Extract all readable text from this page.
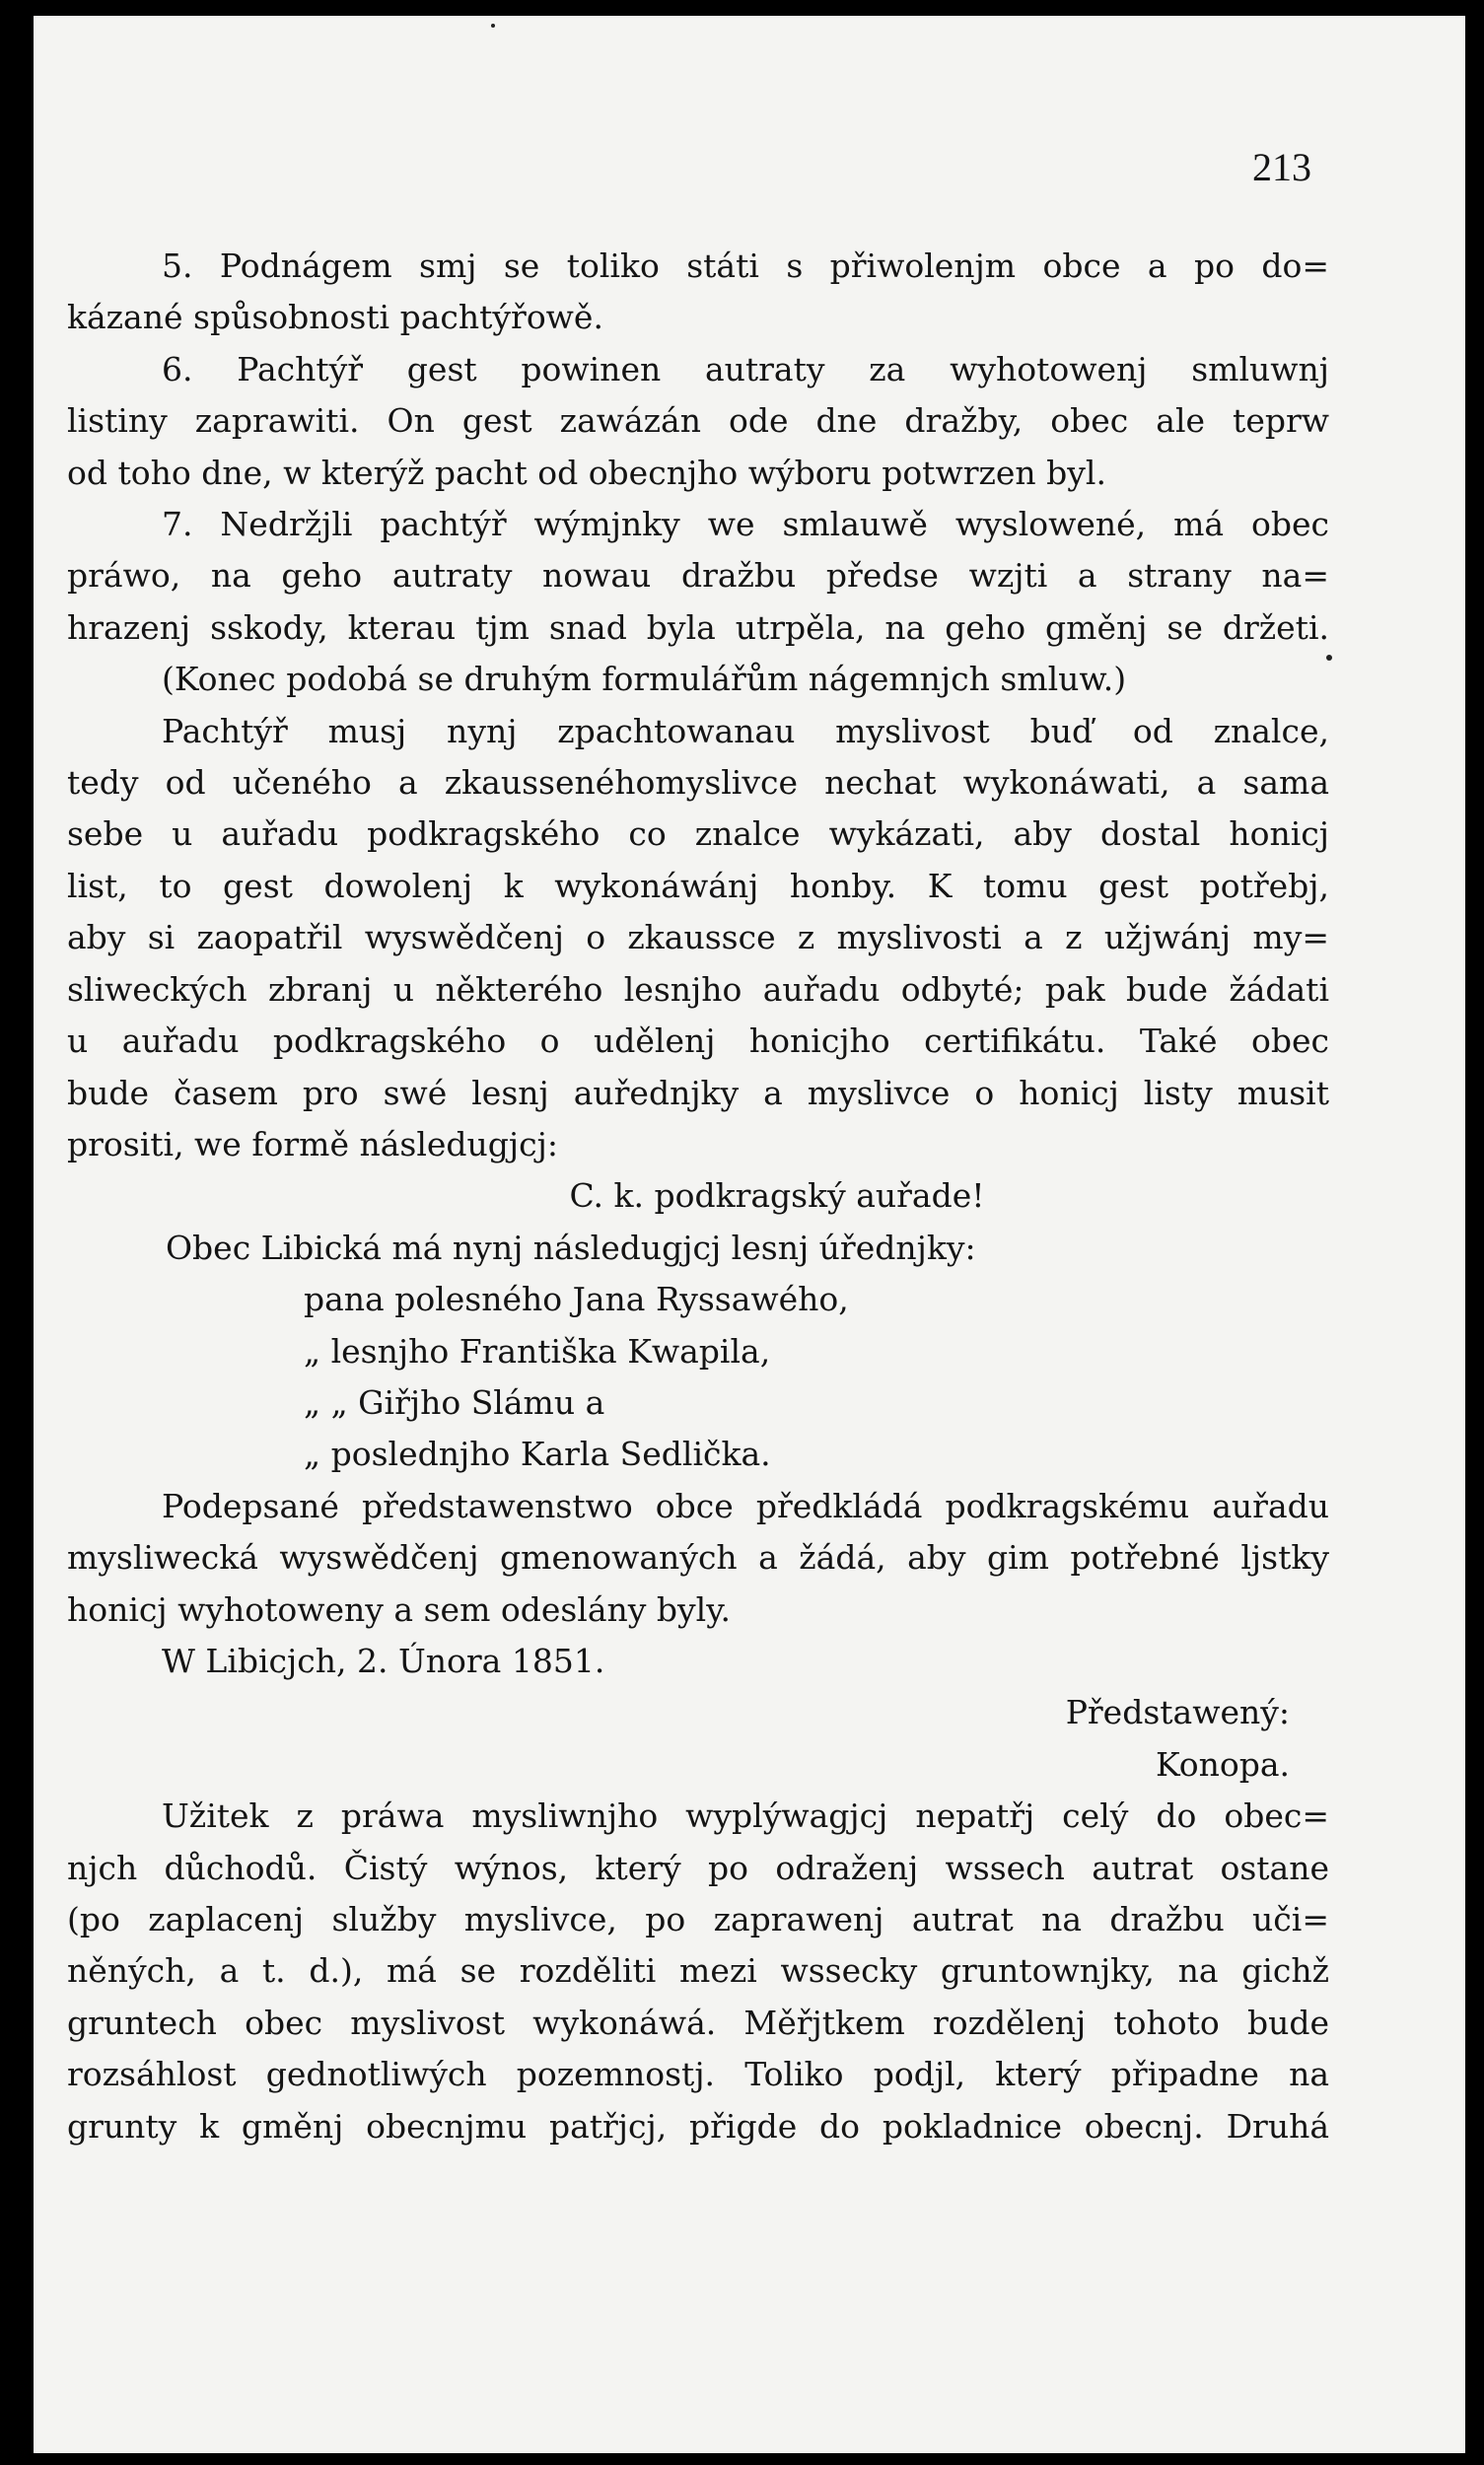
213
5. Podnágem smj se toliko státi s přiwolenjm obce a po do=
kázané spůsobnosti pachtýřowě.
6. Pachtýř gest powinen autraty za wyhotowenj smluwnj
listiny zaprawiti. On gest zawázán ode dne dražby, obec ale teprw
od toho dne, w kterýž pacht od obecnjho wýboru potwrzen byl.
7. Nedržjli pachtýř wýmjnky we smlauwě wyslowené, má obec
práwo, na geho autraty nowau dražbu předse wzjti a strany na=
hrazenj sskody, kterau tjm snad byla utrpěla, na geho gměnj se držeti.
(Konec podobá se druhým formulářům nágemnjch smluw.)
Pachtýř musj nynj zpachtowanau myslivost buď od znalce,
tedy od učeného a zkaussenéhomyslivce nechat wykonáwati, a sama
sebe u auřadu podkragského co znalce wykázati, aby dostal honicj
list, to gest dowolenj k wykonáwánj honby. K tomu gest potřebj,
aby si zaopatřil wyswědčenj o zkaussce z myslivosti a z užjwánj my=
sliweckých zbranj u některého lesnjho auřadu odbyté; pak bude žádati
u auřadu podkragského o udělenj honicjho certifikátu. Také obec
bude časem pro swé lesnj auřednjky a myslivce o honicj listy musit
prositi, we formě následugjcj:
C. k. podkragský auřade!
Obec Libická má nynj následugjcj lesnj úřednjky:
pana polesného Jana Ryssawého,
„ lesnjho Františka Kwapila,
„ „ Giřjho Slámu a
„ poslednjho Karla Sedlička.
Podepsané předstawenstwo obce předkládá podkragskému auřadu
mysliwecká wyswědčenj gmenowaných a žádá, aby gim potřebné ljstky
honicj wyhotoweny a sem odeslány byly.
W Libicjch, 2. Února 1851.
Předstawený:
Konopa.
Užitek z práwa mysliwnjho wyplýwagjcj nepatřj celý do obec=
njch důchodů. Čistý wýnos, který po odraženj wssech autrat ostane
(po zaplacenj služby myslivce, po zaprawenj autrat na dražbu uči=
něných, a t. d.), má se rozděliti mezi wssecky gruntownjky, na gichž
gruntech obec myslivost wykonáwá. Měřjtkem rozdělenj tohoto bude
rozsáhlost gednotliwých pozemnostj. Toliko podjl, který připadne na
grunty k gměnj obecnjmu patřjcj, přigde do pokladnice obecnj. Druhá
